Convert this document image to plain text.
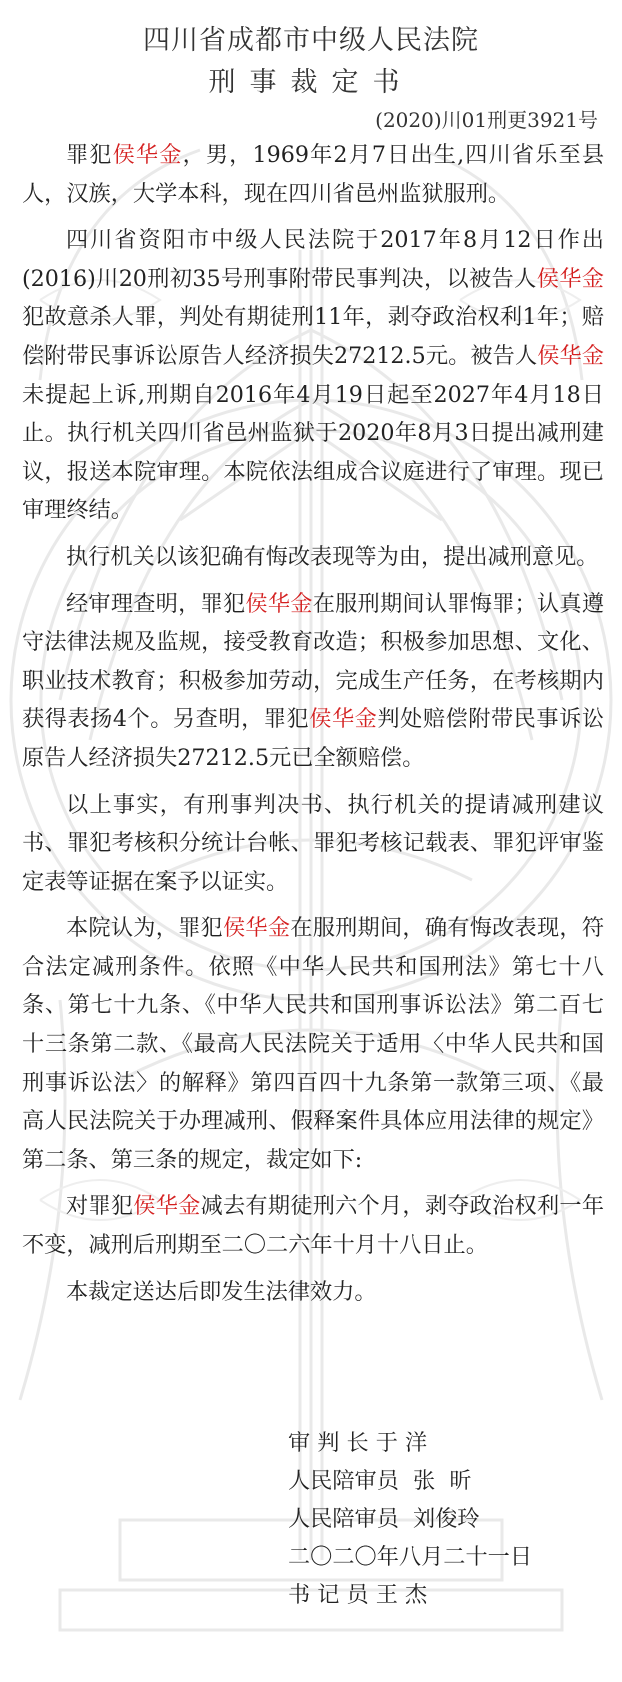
四川省成都市中级人民法院
刑事裁定书
(2020)川01刑更3921号

罪犯侯华金，男，1969年2月7日出生,四川省乐至县人，汉族，大学本科，现在四川省邑州监狱服刑。

四川省资阳市中级人民法院于2017年8月12日作出(2016)川20刑初35号刑事附带民事判决，以被告人侯华金犯故意杀人罪，判处有期徒刑11年，剥夺政治权利1年；赔偿附带民事诉讼原告人经济损失27212.5元。被告人侯华金未提起上诉,刑期自2016年4月19日起至2027年4月18日止。执行机关四川省邑州监狱于2020年8月3日提出减刑建议，报送本院审理。本院依法组成合议庭进行了审理。现已审理终结。

执行机关以该犯确有悔改表现等为由，提出减刑意见。

经审理查明，罪犯侯华金在服刑期间认罪悔罪；认真遵守法律法规及监规，接受教育改造；积极参加思想、文化、职业技术教育；积极参加劳动，完成生产任务，在考核期内获得表扬4个。另查明，罪犯侯华金判处赔偿附带民事诉讼原告人经济损失27212.5元已全额赔偿。

以上事实，有刑事判决书、执行机关的提请减刑建议书、罪犯考核积分统计台帐、罪犯考核记载表、罪犯评审鉴定表等证据在案予以证实。

本院认为，罪犯侯华金在服刑期间，确有悔改表现，符合法定减刑条件。依照《中华人民共和国刑法》第七十八条、第七十九条、《中华人民共和国刑事诉讼法》第二百七十三条第二款、《最高人民法院关于适用〈中华人民共和国刑事诉讼法〉的解释》第四百四十九条第一款第三项、《最高人民法院关于办理减刑、假释案件具体应用法律的规定》第二条、第三条的规定，裁定如下:

对罪犯侯华金减去有期徒刑六个月，剥夺政治权利一年不变，减刑后刑期至二〇二六年十月十八日止。

本裁定送达后即发生法律效力。

审 判 长 于 洋
人民陪审员  张  昕
人民陪审员  刘俊玲
二〇二〇年八月二十一日
书 记 员 王 杰
